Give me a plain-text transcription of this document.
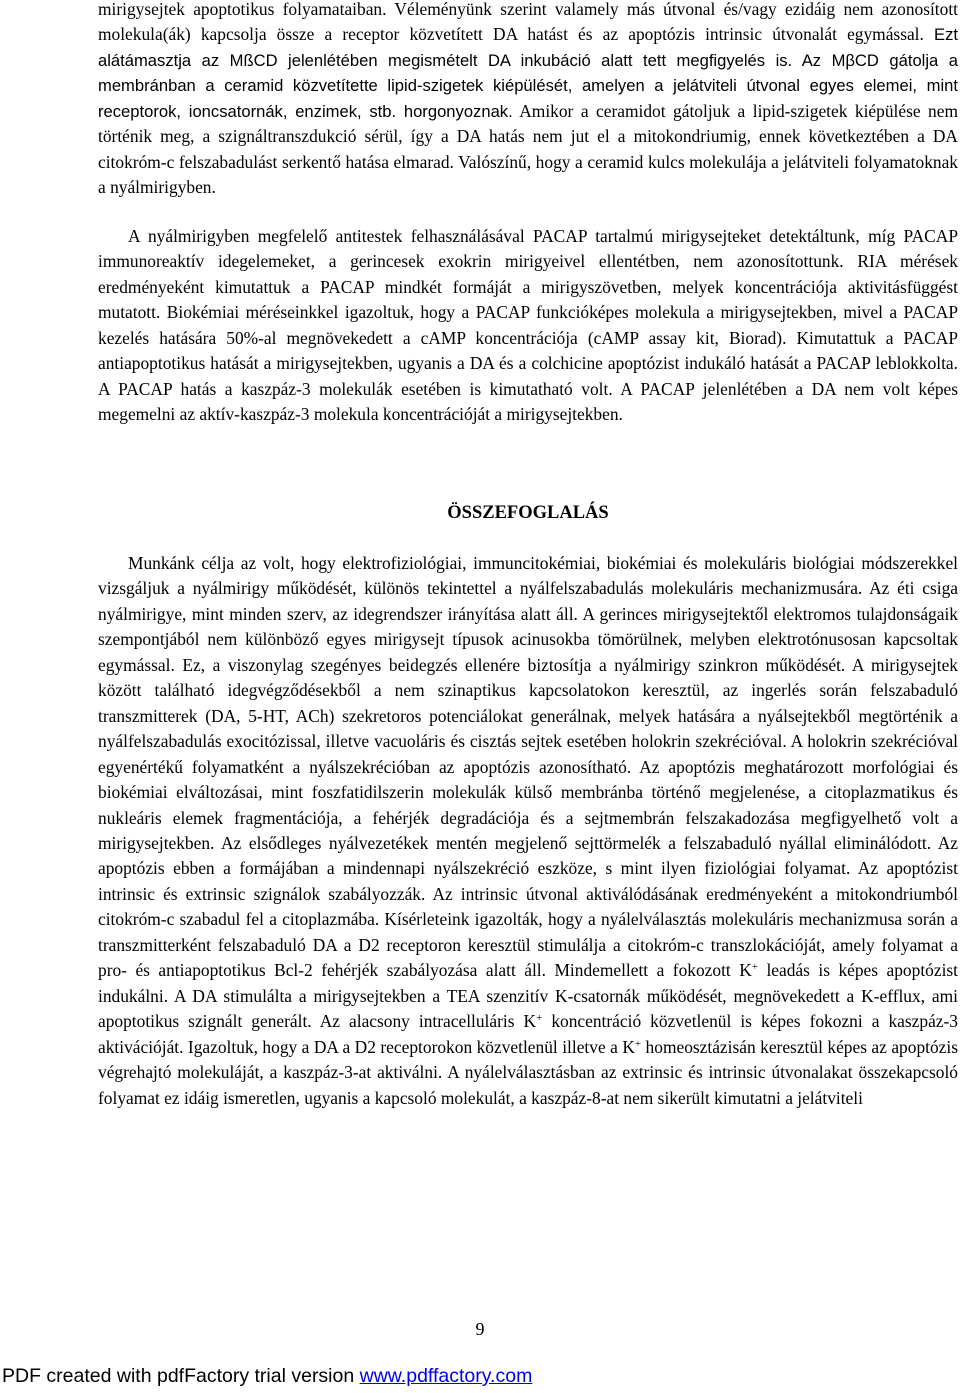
mirigysejtek apoptotikus folyamataiban. Véleményünk szerint valamely más útvonal és/vagy ezidáig nem azonosított molekula(ák) kapcsolja össze a receptor közvetített DA hatást és az apoptózis intrinsic útvonalát egymással. Ezt alátámasztja az MßCD jelenlétében megismételt DA inkubáció alatt tett megfigyelés is. Az MβCD gátolja a membránban a ceramid közvetítette lipid-szigetek kiépülését, amelyen a jelátviteli útvonal egyes elemei, mint receptorok, ioncsatornák, enzimek, stb. horgonyoznak. Amikor a ceramidot gátoljuk a lipid-szigetek kiépülése nem történik meg, a szignáltranszdukció sérül, így a DA hatás nem jut el a mitokondriumig, ennek következtében a DA citokróm-c felszabadulást serkentő hatása elmarad. Valószínű, hogy a ceramid kulcs molekulája a jelátviteli folyamatoknak a nyálmirigyben.

A nyálmirigyben megfelelő antitestek felhasználásával PACAP tartalmú mirigysejteket detektáltunk, míg PACAP immunoreaktív idegelemeket, a gerincesek exokrin mirigyeivel ellentétben, nem azonosítottunk. RIA mérések eredményeként kimutattuk a PACAP mindkét formáját a mirigyszövetben, melyek koncentrációja aktivitásfüggést mutatott. Biokémiai méréseinkkel igazoltuk, hogy a PACAP funkcióképes molekula a mirigysejtekben, mivel a PACAP kezelés hatására 50%-al megnövekedett a cAMP koncentrációja (cAMP assay kit, Biorad). Kimutattuk a PACAP antiapoptotikus hatását a mirigysejtekben, ugyanis a DA és a colchicine apoptózist indukáló hatását a PACAP leblokkolta. A PACAP hatás a kaszpáz-3 molekulák esetében is kimutatható volt. A PACAP jelenlétében a DA nem volt képes megemelni az aktív-kaszpáz-3 molekula koncentrációját a mirigysejtekben.

ÖSSZEFOGLALÁS

Munkánk célja az volt, hogy elektrofiziológiai, immuncitokémiai, biokémiai és molekuláris biológiai módszerekkel vizsgáljuk a nyálmirigy működését, különös tekintettel a nyálfelszabadulás molekuláris mechanizmusára. Az éti csiga nyálmirigye, mint minden szerv, az idegrendszer irányítása alatt áll. A gerinces mirigysejtektől elektromos tulajdonságaik szempontjából nem különböző egyes mirigysejt típusok acinusokba tömörülnek, melyben elektrotónusosan kapcsoltak egymással. Ez, a viszonylag szegényes beidegzés ellenére biztosítja a nyálmirigy szinkron működését. A mirigysejtek között található idegvégződésekből a nem szinaptikus kapcsolatokon keresztül, az ingerlés során felszabaduló transzmitterek (DA, 5-HT, ACh) szekretoros potenciálokat generálnak, melyek hatására a nyálsejtekből megtörténik a nyálfelszabadulás exocitózissal, illetve vacuoláris és cisztás sejtek esetében holokrin szekrécióval. A holokrin szekrécióval egyenértékű folyamatként a nyálszekrécióban az apoptózis azonosítható. Az apoptózis meghatározott morfológiai és biokémiai elváltozásai, mint foszfatidilszerin molekulák külső membránba történő megjelenése, a citoplazmatikus és nukleáris elemek fragmentációja, a fehérjék degradációja és a sejtmembrán felszakadozása megfigyelhető volt a mirigysejtekben. Az elsődleges nyálvezetékek mentén megjelenő sejttörmelék a felszabaduló nyállal eliminálódott. Az apoptózis ebben a formájában a mindennapi nyálszekréció eszköze, s mint ilyen fiziológiai folyamat. Az apoptózist intrinsic és extrinsic szignálok szabályozzák. Az intrinsic útvonal aktiválódásának eredményeként a mitokondriumból citokróm-c szabadul fel a citoplazmába. Kísérleteink igazolták, hogy a nyálelválasztás molekuláris mechanizmusa során a transzmitterként felszabaduló DA a D2 receptoron keresztül stimulálja a citokróm-c transzlokációját, amely folyamat a pro- és antiapoptotikus Bcl-2 fehérjék szabályozása alatt áll. Mindemellett a fokozott K+ leadás is képes apoptózist indukálni. A DA stimulálta a mirigysejtekben a TEA szenzitív K-csatornák működését, megnövekedett a K-efflux, ami apoptotikus szignált generált. Az alacsony intracelluláris K+ koncentráció közvetlenül is képes fokozni a kaszpáz-3 aktivációját. Igazoltuk, hogy a DA a D2 receptorokon közvetlenül illetve a K+ homeosztázisán keresztül képes az apoptózis végrehajtó molekuláját, a kaszpáz-3-at aktiválni. A nyálelválasztásban az extrinsic és intrinsic útvonalakat összekapcsoló folyamat ez idáig ismeretlen, ugyanis a kapcsoló molekulát, a kaszpáz-8-at nem sikerült kimutatni a jelátviteli

9
PDF created with pdfFactory trial version www.pdffactory.com
